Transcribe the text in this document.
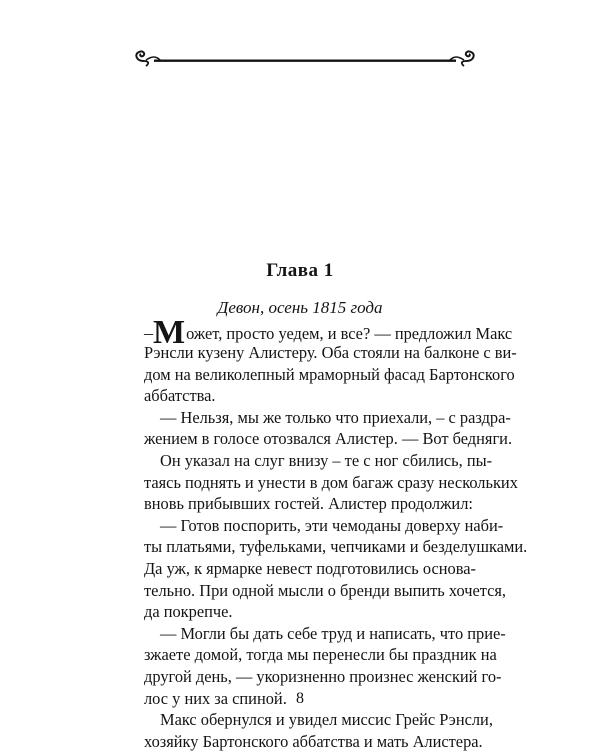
Глава 1
Девон, осень 1815 года
–Может, просто уедем, и все? — предложил Макс
Рэнсли кузену Алистеру. Оба стояли на балконе с ви-
дом на великолепный мраморный фасад Бартонского
аббатства.
— Нельзя, мы же только что приехали, – с раздра-
жением в голосе отозвался Алистер. — Вот бедняги.
Он указал на слуг внизу – те с ног сбились, пы-
таясь поднять и унести в дом багаж сразу нескольких
вновь прибывших гостей. Алистер продолжил:
— Готов поспорить, эти чемоданы доверху наби-
ты платьями, туфельками, чепчиками и безделушками.
Да уж, к ярмарке невест подготовились основа-
тельно. При одной мысли о бренди выпить хочется,
да покрепче.
— Могли бы дать себе труд и написать, что прие-
зжаете домой, тогда мы перенесли бы праздник на
другой день, — укоризненно произнес женский го-
лос у них за спиной.
Макс обернулся и увидел миссис Грейс Рэнсли,
хозяйку Бартонского аббатства и мать Алистера.
8
